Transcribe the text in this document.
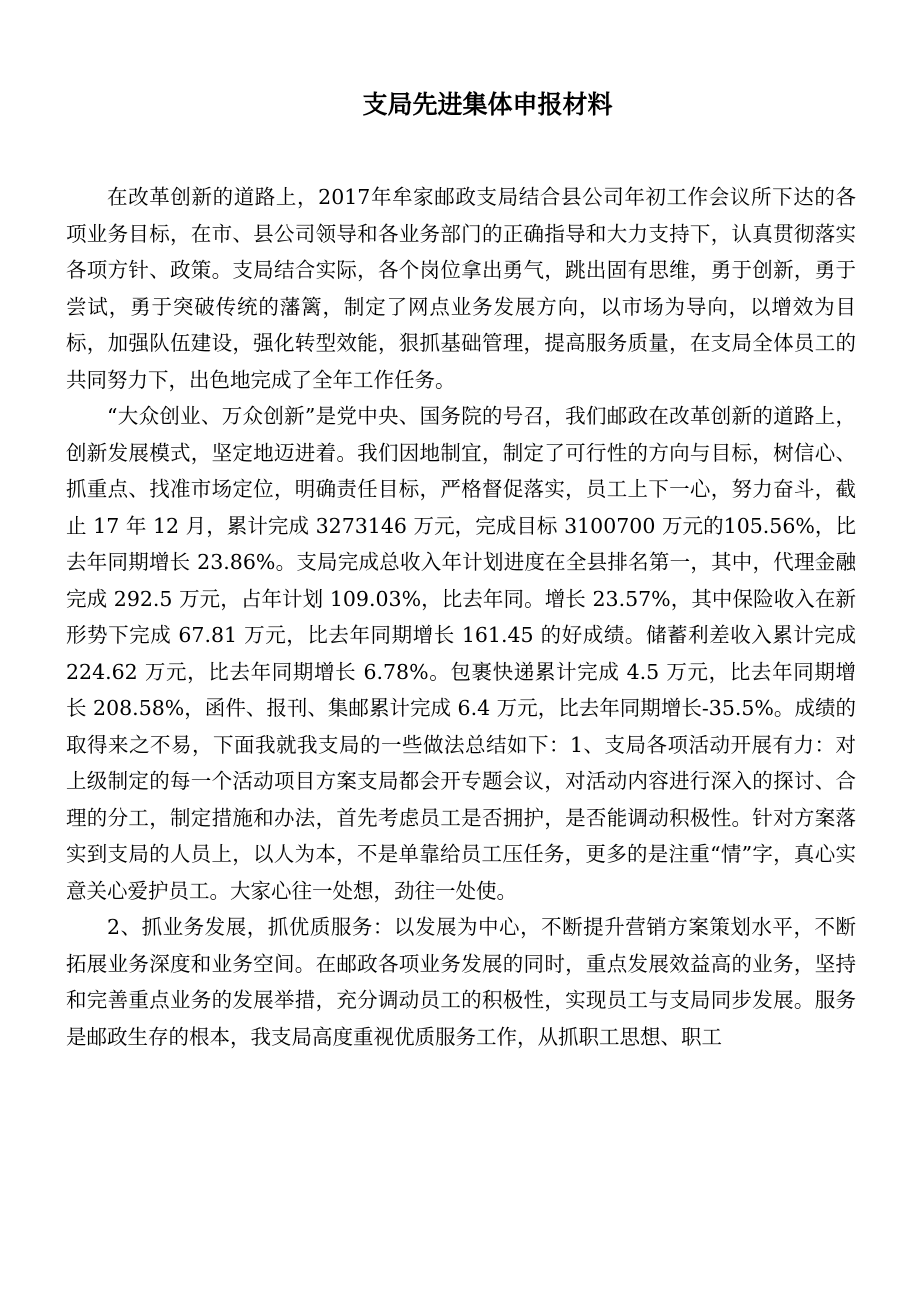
支局先进集体申报材料

在改革创新的道路上，2017年牟家邮政支局结合县公司年初工作会议所下达的各项业务目标，在市、县公司领导和各业务部门的正确指导和大力支持下，认真贯彻落实各项方针、政策。支局结合实际，各个岗位拿出勇气，跳出固有思维，勇于创新，勇于尝试，勇于突破传统的藩篱，制定了网点业务发展方向，以市场为导向，以增效为目标，加强队伍建设，强化转型效能，狠抓基础管理，提高服务质量，在支局全体员工的共同努力下，出色地完成了全年工作任务。

“大众创业、万众创新”是党中央、国务院的号召，我们邮政在改革创新的道路上，创新发展模式，坚定地迈进着。我们因地制宜，制定了可行性的方向与目标，树信心、抓重点、找准市场定位，明确责任目标，严格督促落实，员工上下一心，努力奋斗，截止 17 年 12 月，累计完成 3273146 万元，完成目标 3100700 万元的105.56%，比去年同期增长 23.86%。支局完成总收入年计划进度在全县排名第一，其中，代理金融完成 292.5 万元，占年计划 109.03%，比去年同。增长 23.57%，其中保险收入在新形势下完成 67.81 万元，比去年同期增长 161.45 的好成绩。储蓄利差收入累计完成 224.62 万元，比去年同期增长 6.78%。包裹快递累计完成 4.5 万元，比去年同期增长 208.58%，函件、报刊、集邮累计完成 6.4 万元，比去年同期增长-35.5%。成绩的取得来之不易，下面我就我支局的一些做法总结如下：1、支局各项活动开展有力：对上级制定的每一个活动项目方案支局都会开专题会议，对活动内容进行深入的探讨、合理的分工，制定措施和办法，首先考虑员工是否拥护，是否能调动积极性。针对方案落实到支局的人员上，以人为本，不是单靠给员工压任务，更多的是注重“情”字，真心实意关心爱护员工。大家心往一处想，劲往一处使。

2、抓业务发展，抓优质服务：以发展为中心，不断提升营销方案策划水平，不断拓展业务深度和业务空间。在邮政各项业务发展的同时，重点发展效益高的业务，坚持和完善重点业务的发展举措，充分调动员工的积极性，实现员工与支局同步发展。服务是邮政生存的根本，我支局高度重视优质服务工作，从抓职工思想、职工
